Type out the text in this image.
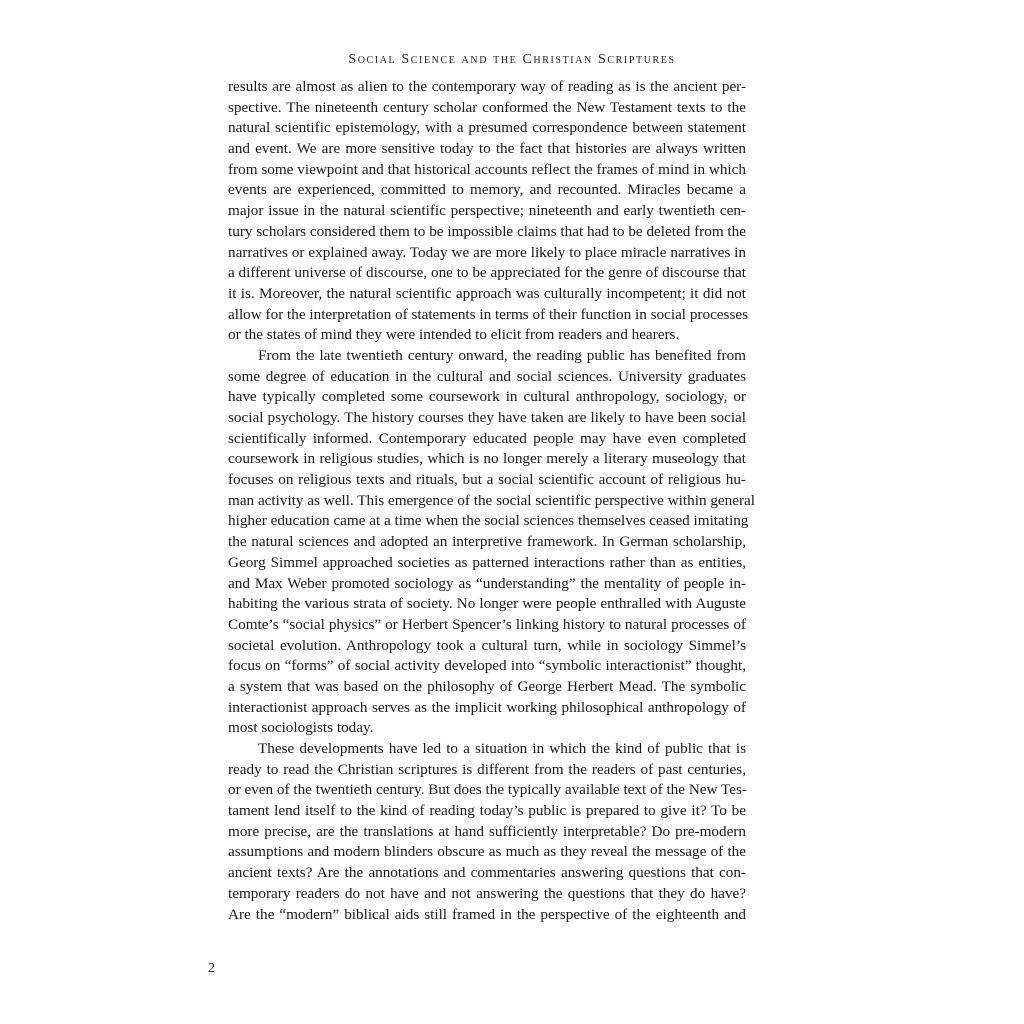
Social Science and the Christian Scriptures
results are almost as alien to the contemporary way of reading as is the ancient per-
spective. The nineteenth century scholar conformed the New Testament texts to the
natural scientific epistemology, with a presumed correspondence between statement
and event. We are more sensitive today to the fact that histories are always written
from some viewpoint and that historical accounts reflect the frames of mind in which
events are experienced, committed to memory, and recounted. Miracles became a
major issue in the natural scientific perspective; nineteenth and early twentieth cen-
tury scholars considered them to be impossible claims that had to be deleted from the
narratives or explained away. Today we are more likely to place miracle narratives in
a different universe of discourse, one to be appreciated for the genre of discourse that
it is. Moreover, the natural scientific approach was culturally incompetent; it did not
allow for the interpretation of statements in terms of their function in social processes
or the states of mind they were intended to elicit from readers and hearers.
From the late twentieth century onward, the reading public has benefited from
some degree of education in the cultural and social sciences. University graduates
have typically completed some coursework in cultural anthropology, sociology, or
social psychology. The history courses they have taken are likely to have been social
scientifically informed. Contemporary educated people may have even completed
coursework in religious studies, which is no longer merely a literary museology that
focuses on religious texts and rituals, but a social scientific account of religious hu-
man activity as well. This emergence of the social scientific perspective within general
higher education came at a time when the social sciences themselves ceased imitating
the natural sciences and adopted an interpretive framework. In German scholarship,
Georg Simmel approached societies as patterned interactions rather than as entities,
and Max Weber promoted sociology as “understanding” the mentality of people in-
habiting the various strata of society. No longer were people enthralled with Auguste
Comte’s “social physics” or Herbert Spencer’s linking history to natural processes of
societal evolution. Anthropology took a cultural turn, while in sociology Simmel’s
focus on “forms” of social activity developed into “symbolic interactionist” thought,
a system that was based on the philosophy of George Herbert Mead. The symbolic
interactionist approach serves as the implicit working philosophical anthropology of
most sociologists today.
These developments have led to a situation in which the kind of public that is
ready to read the Christian scriptures is different from the readers of past centuries,
or even of the twentieth century. But does the typically available text of the New Tes-
tament lend itself to the kind of reading today’s public is prepared to give it? To be
more precise, are the translations at hand sufficiently interpretable? Do pre-modern
assumptions and modern blinders obscure as much as they reveal the message of the
ancient texts? Are the annotations and commentaries answering questions that con-
temporary readers do not have and not answering the questions that they do have?
Are the “modern” biblical aids still framed in the perspective of the eighteenth and
2
